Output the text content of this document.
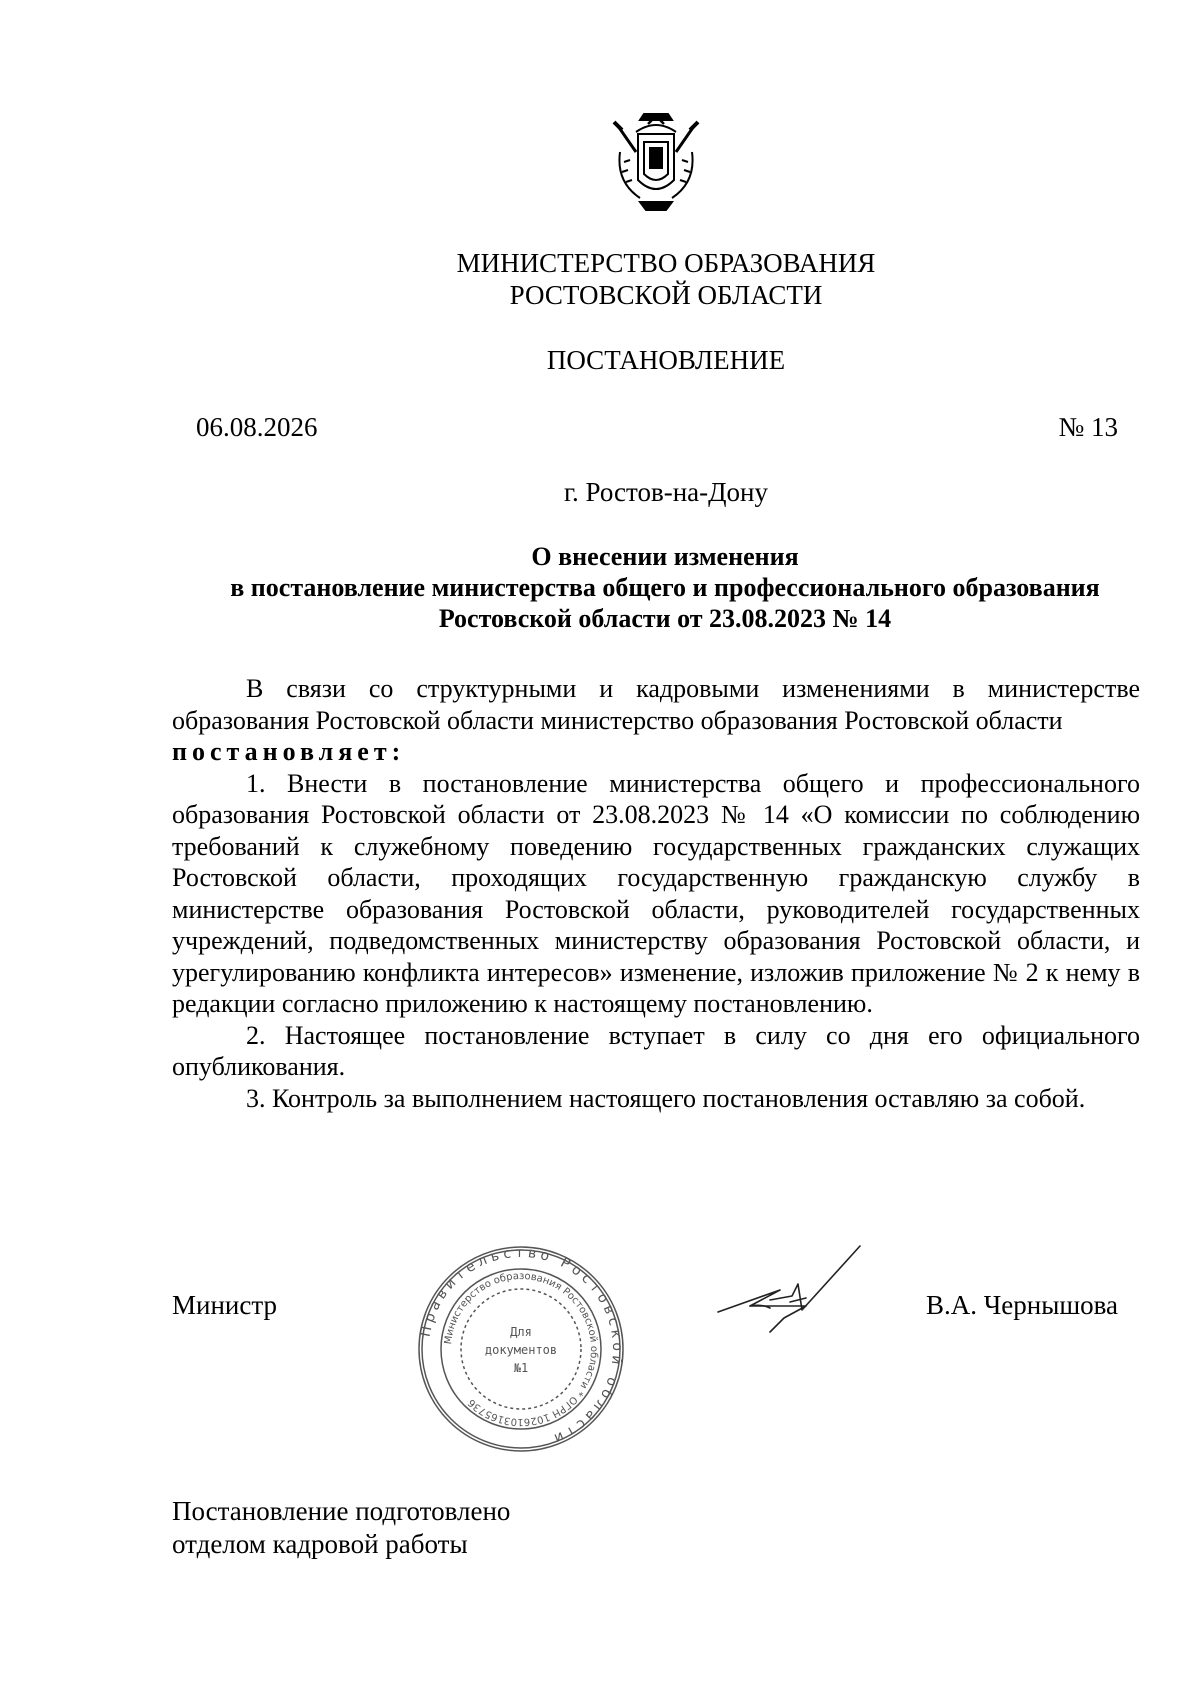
МИНИСТЕРСТВО ОБРАЗОВАНИЯ
РОСТОВСКОЙ ОБЛАСТИ
ПОСТАНОВЛЕНИЕ
06.08.2026	№ 13
г. Ростов-на-Дону
О внесении изменения
в постановление министерства общего и профессионального образования
Ростовской области от 23.08.2023 № 14

В связи со структурными и кадровыми изменениями в министерстве образования Ростовской области министерство образования Ростовской области

постановляет:

1. Внести в постановление министерства общего и профессионального образования Ростовской области от 23.08.2023 № 14 «О комиссии по соблюдению требований к служебному поведению государственных гражданских служащих Ростовской области, проходящих государственную гражданскую службу в министерстве образования Ростовской области, руководителей государственных учреждений, подведомственных министерству образования Ростовской области, и урегулированию конфликта интересов» изменение, изложив приложение № 2 к нему в редакции согласно приложению к настоящему постановлению.

2. Настоящее постановление вступает в силу со дня его официального опубликования.

3. Контроль за выполнением настоящего постановления оставляю за собой.

Министр
Правительство Ростовской области
Министерство образования Ростовской области * ОГРН 1026103165736
Для
документов
№1
В.А. Чернышова
Постановление подготовлено
отделом кадровой работы
